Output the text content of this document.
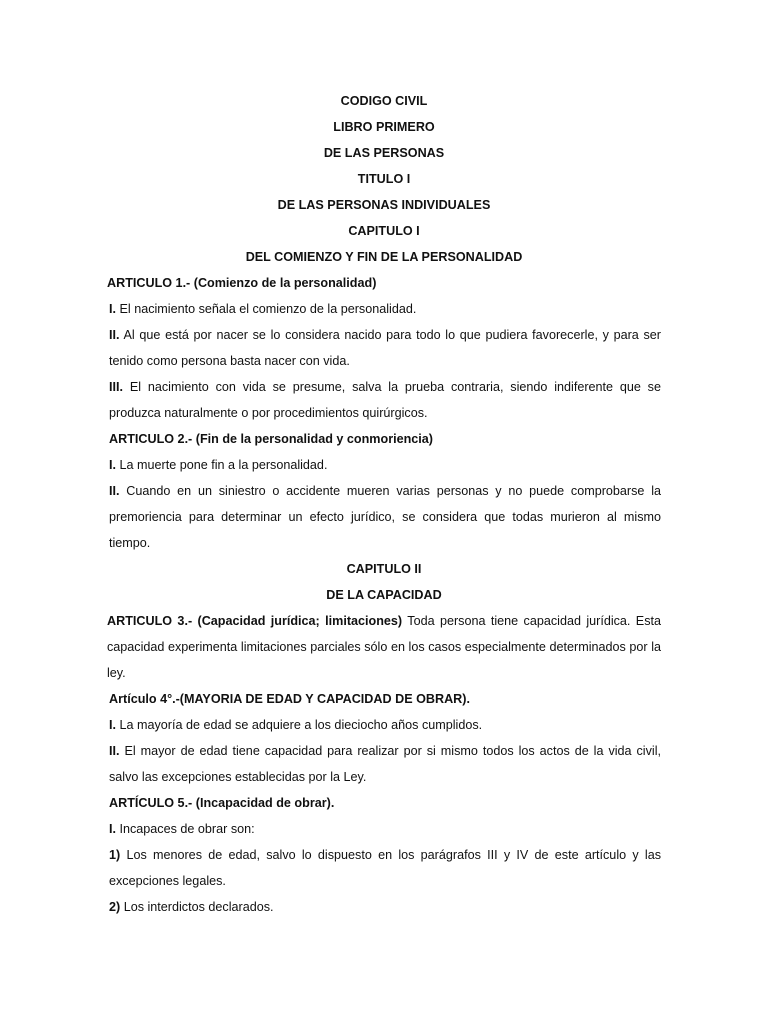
CODIGO CIVIL
LIBRO PRIMERO
DE LAS PERSONAS
TITULO I
DE LAS PERSONAS INDIVIDUALES
CAPITULO I
DEL COMIENZO Y FIN DE LA PERSONALIDAD
ARTICULO 1.- (Comienzo de la personalidad)
I. El nacimiento señala el comienzo de la personalidad.
II. Al que está por nacer se lo considera nacido para todo lo que pudiera favorecerle, y para ser tenido como persona basta nacer con vida.
III. El nacimiento con vida se presume, salva la prueba contraria, siendo indiferente que se produzca naturalmente o por procedimientos quirúrgicos.
ARTICULO 2.- (Fin de la personalidad y conmoriencia)
I. La muerte pone fin a la personalidad.
II. Cuando en un siniestro o accidente mueren varias personas y no puede comprobarse la premoriencia para determinar un efecto jurídico, se considera que todas murieron al mismo tiempo.
CAPITULO II
DE LA CAPACIDAD
ARTICULO 3.- (Capacidad jurídica; limitaciones) Toda persona tiene capacidad jurídica. Esta capacidad experimenta limitaciones parciales sólo en los casos especialmente determinados por la ley.
Artículo 4°.-(MAYORIA DE EDAD Y CAPACIDAD DE OBRAR).
I. La mayoría de edad se adquiere a los dieciocho años cumplidos.
II. El mayor de edad tiene capacidad para realizar por si mismo todos los actos de la vida civil, salvo las excepciones establecidas por la Ley.
ARTÍCULO 5.- (Incapacidad de obrar).
I. Incapaces de obrar son:
1) Los menores de edad, salvo lo dispuesto en los parágrafos III y IV de este artículo y las excepciones legales.
2) Los interdictos declarados.
